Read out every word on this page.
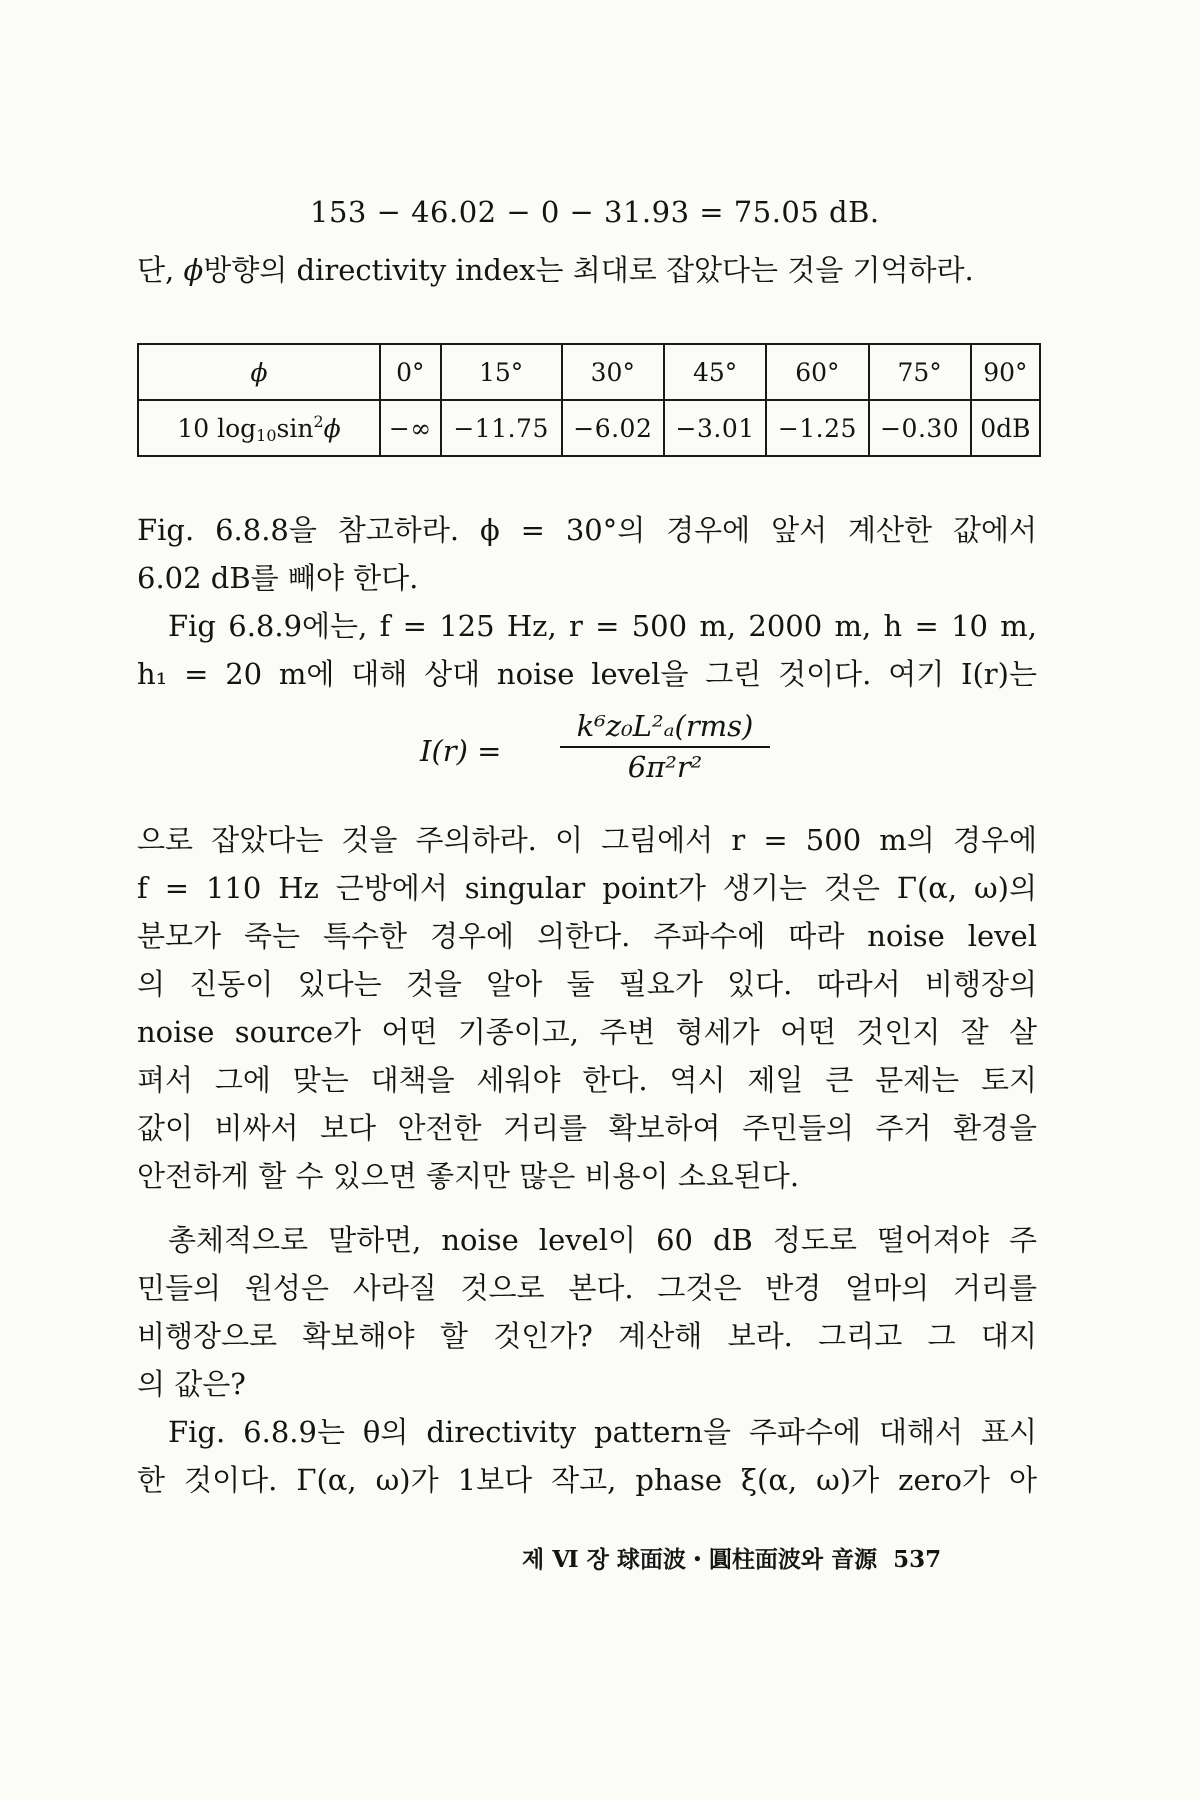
153 − 46.02 − 0 − 31.93 = 75.05 dB.
단, ϕ방향의 directivity index는 최대로 잡았다는 것을 기억하라.
ϕ	0°	15°	30°	45°	60°	75°	90°
10 $\log_{10}\sin^2\phi$	−∞	−11.75	−6.02	−3.01	−1.25	−0.30	0dB
Fig. 6.8.8을 참고하라. ϕ = 30°의 경우에 앞서 계산한 값에서
6.02 dB를 빼야 한다.
Fig 6.8.9에는, f = 125 Hz, r = 500 m, 2000 m, h = 10 m,
h₁ = 20 m에 대해 상대 noise level을 그린 것이다. 여기 I(r)는
I(r) =
k⁶z₀L²ₐ(rms)
6π²r²
으로 잡았다는 것을 주의하라. 이 그림에서 r = 500 m의 경우에
f = 110 Hz 근방에서 singular point가 생기는 것은 Γ(α, ω)의
분모가 죽는 특수한 경우에 의한다. 주파수에 따라 noise level
의 진동이 있다는 것을 알아 둘 필요가 있다. 따라서 비행장의
noise source가 어떤 기종이고, 주변 형세가 어떤 것인지 잘 살
펴서 그에 맞는 대책을 세워야 한다. 역시 제일 큰 문제는 토지
값이 비싸서 보다 안전한 거리를 확보하여 주민들의 주거 환경을
안전하게 할 수 있으면 좋지만 많은 비용이 소요된다.
총체적으로 말하면, noise level이 60 dB 정도로 떨어져야 주
민들의 원성은 사라질 것으로 본다. 그것은 반경 얼마의 거리를
비행장으로 확보해야 할 것인가? 계산해 보라. 그리고 그 대지
의 값은?
Fig. 6.8.9는 θ의 directivity pattern을 주파수에 대해서 표시
한 것이다. Γ(α, ω)가 1보다 작고, phase ξ(α, ω)가 zero가 아
제 Ⅵ 장 球面波・圓柱面波와 音源 537
